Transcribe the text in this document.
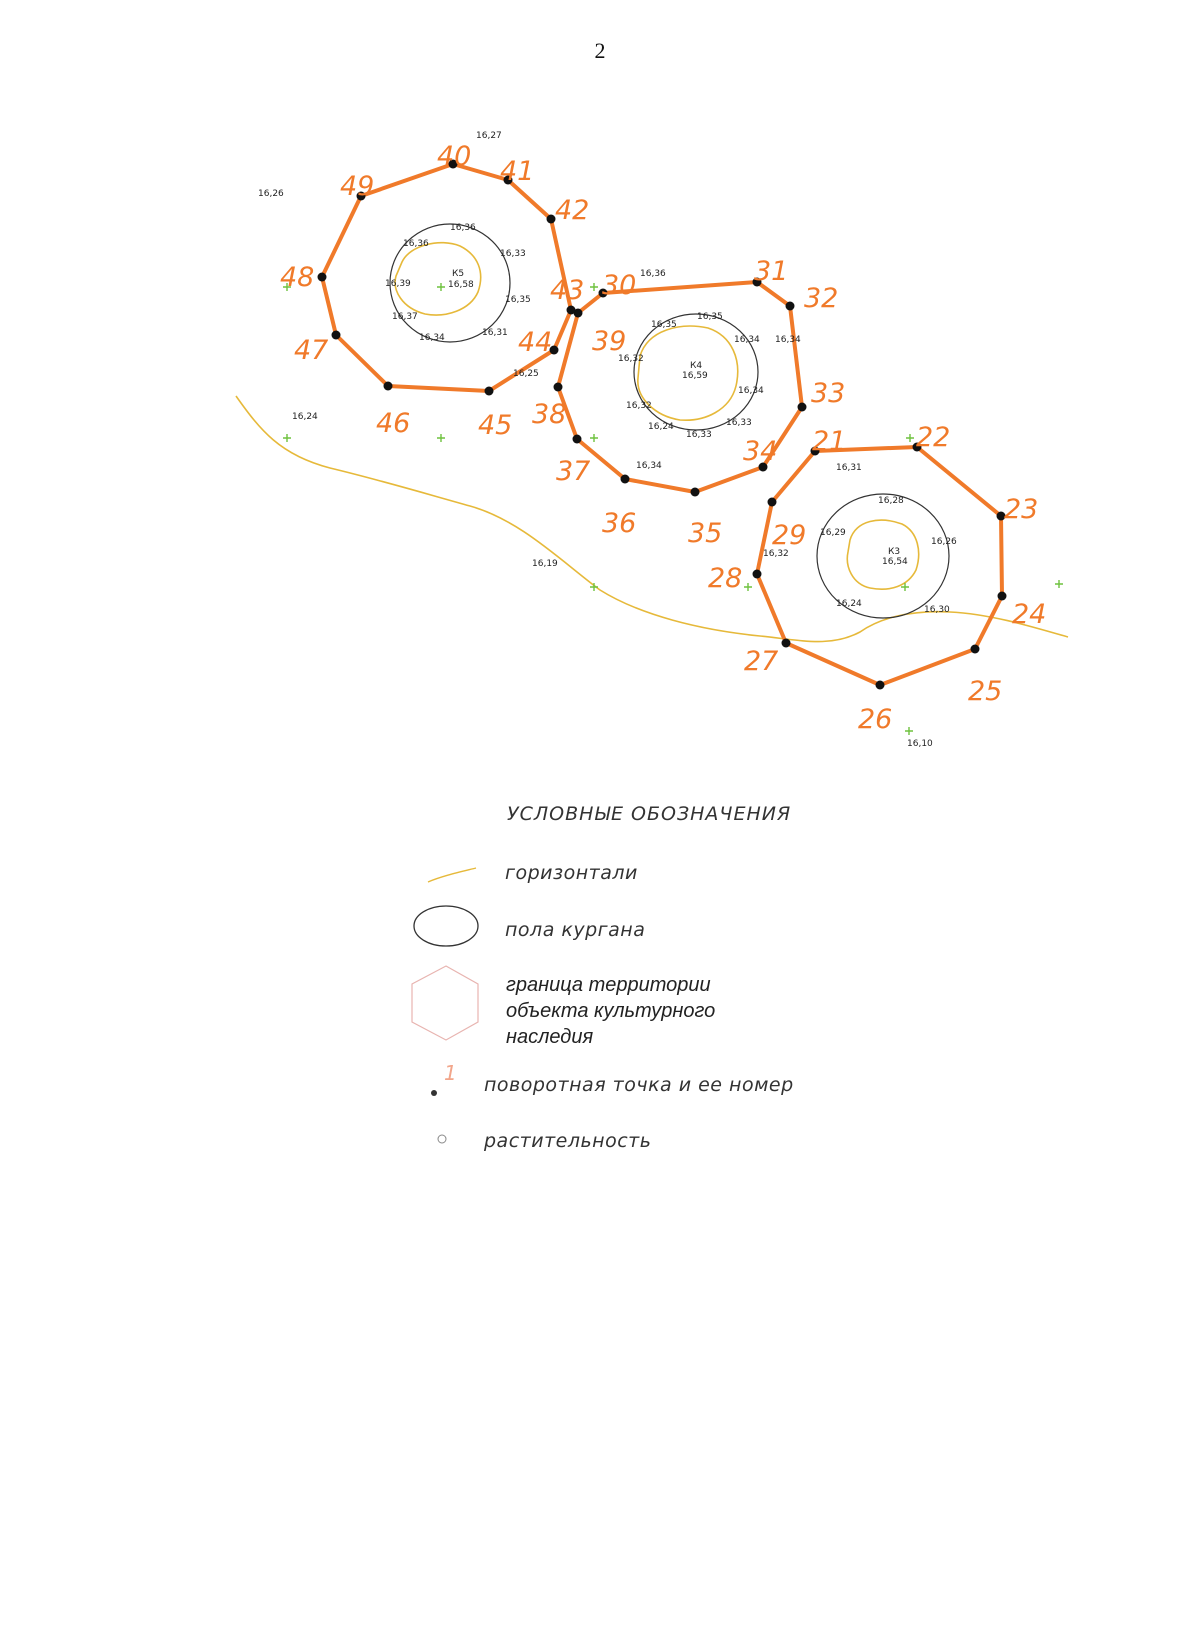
2
21	22
23
24
25
26
27
28
29
30	31
32
33
34
35
36
37
38
39
40 41
42
43
44
45
46
47
48
49
16,27
16,26
16,36
16,36
16,33
16,39
16,35
16,37
16,34	16,31
16,25
16,24
16,36
16,35
16,35
16,34 16,34
16,32
16,34
16,32
16,24
16,33
16,33
16,34	16,31
16,28
16,29
16,26
16,32
16,24
16,30
16,19
16,10
К5
16,58
К4
16,59
К3
16,54
1
УСЛОВНЫЕ ОБОЗНАЧЕНИЯ
горизонтали
пола кургана
граница территории
объекта культурного
наследия
поворотная точка и ее номер
растительность
